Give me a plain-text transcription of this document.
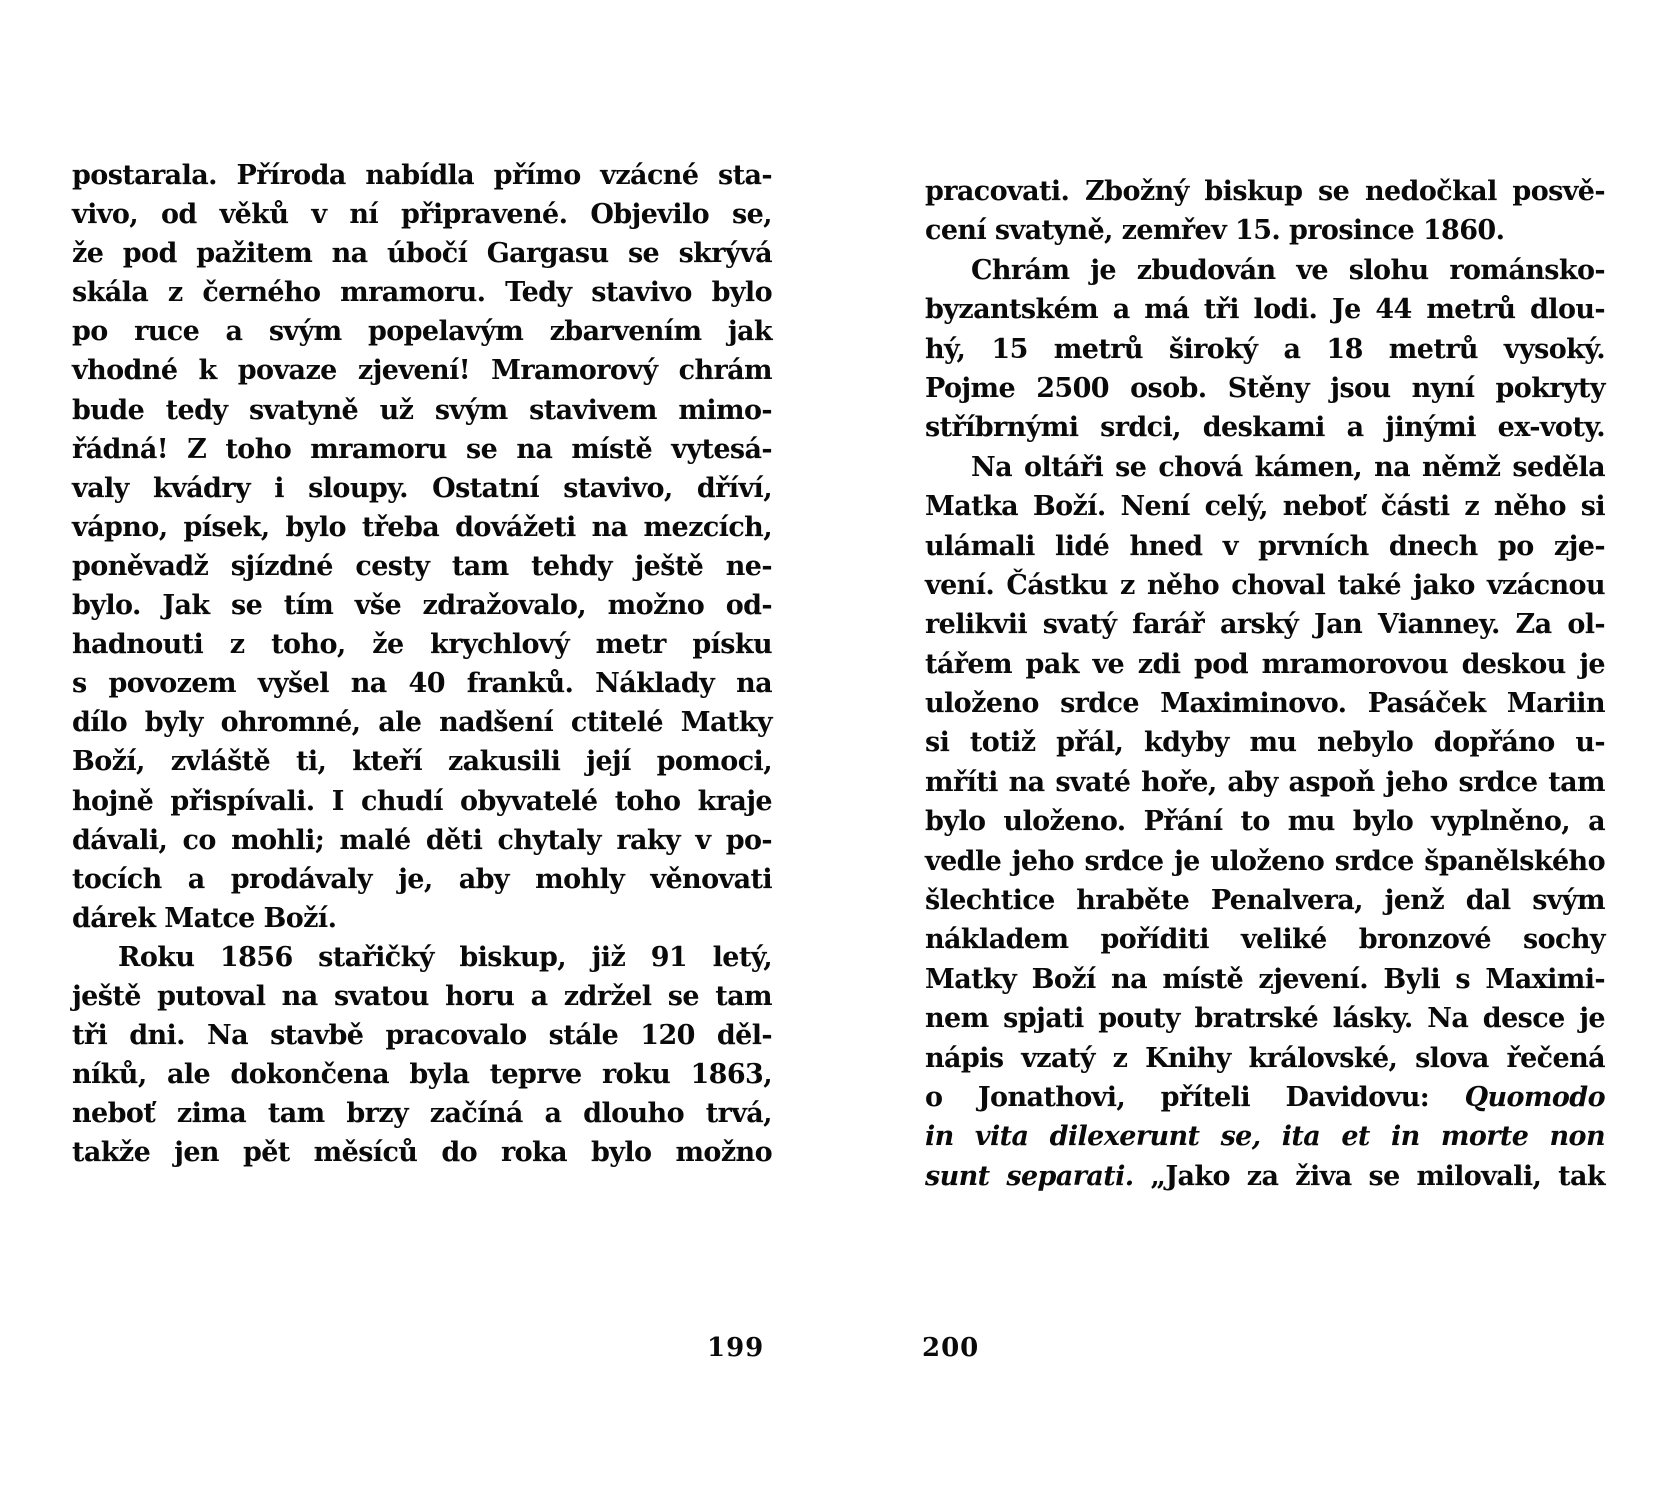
postarala. Příroda nabídla přímo vzácné sta-
vivo, od věků v ní připravené. Objevilo se,
že pod pažitem na úbočí Gargasu se skrývá
skála z černého mramoru. Tedy stavivo bylo
po ruce a svým popelavým zbarvením jak
vhodné k povaze zjevení! Mramorový chrám
bude tedy svatyně už svým stavivem mimo-
řádná! Z toho mramoru se na místě vytesá-
valy kvádry i sloupy. Ostatní stavivo, dříví,
vápno, písek, bylo třeba dovážeti na mezcích,
poněvadž sjízdné cesty tam tehdy ještě ne-
bylo. Jak se tím vše zdražovalo, možno od-
hadnouti z toho, že krychlový metr písku
s povozem vyšel na 40 franků. Náklady na
dílo byly ohromné, ale nadšení ctitelé Matky
Boží, zvláště ti, kteří zakusili její pomoci,
hojně přispívali. I chudí obyvatelé toho kraje
dávali, co mohli; malé děti chytaly raky v po-
tocích a prodávaly je, aby mohly věnovati
dárek Matce Boží.
Roku 1856 stařičký biskup, již 91 letý,
ještě putoval na svatou horu a zdržel se tam
tři dni. Na stavbě pracovalo stále 120 děl-
níků, ale dokončena byla teprve roku 1863,
neboť zima tam brzy začíná a dlouho trvá,
takže jen pět měsíců do roka bylo možno
199
pracovati. Zbožný biskup se nedočkal posvě-
cení svatyně, zemřev 15. prosince 1860.
Chrám je zbudován ve slohu románsko-
byzantském a má tři lodi. Je 44 metrů dlou-
hý, 15 metrů široký a 18 metrů vysoký.
Pojme 2500 osob. Stěny jsou nyní pokryty
stříbrnými srdci, deskami a jinými ex-voty.
Na oltáři se chová kámen, na němž seděla
Matka Boží. Není celý, neboť části z něho si
ulámali lidé hned v prvních dnech po zje-
vení. Částku z něho choval také jako vzácnou
relikvii svatý farář arský Jan Vianney. Za ol-
tářem pak ve zdi pod mramorovou deskou je
uloženo srdce Maximinovo. Pasáček Mariin
si totiž přál, kdyby mu nebylo dopřáno u-
mříti na svaté hoře, aby aspoň jeho srdce tam
bylo uloženo. Přání to mu bylo vyplněno, a
vedle jeho srdce je uloženo srdce španělského
šlechtice hraběte Penalvera, jenž dal svým
nákladem poříditi veliké bronzové sochy
Matky Boží na místě zjevení. Byli s Maximi-
nem spjati pouty bratrské lásky. Na desce je
nápis vzatý z Knihy královské, slova řečená
o Jonathovi, příteli Davidovu: Quomodo
in vita dilexerunt se, ita et in morte non
sunt separati. „Jako za živa se milovali, tak
200
